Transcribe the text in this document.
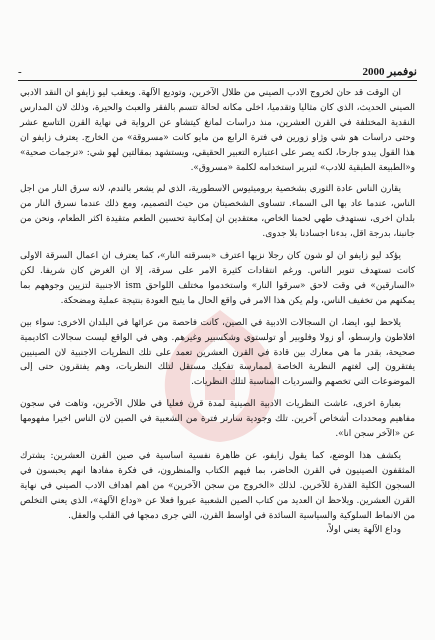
-	نوفمبر 2000

ان الوقت قد حان لخروج الادب الصيني من ظلال الآخرين، وتوديع الآلهة. ويعقب ليو زايفو ان النقد الادبي الصيني الحديث، الذي كان مثاليا وتقدميا، اخلى مكانه لحالة تتسم بالفقر والعبث والحيرة، وذلك لان المدارس النقدية المختلفة في القرن العشرين، منذ دراسات لمانغ كيتشاو عن الرواية في نهاية القرن التاسع عشر وحتى دراسات هو شي وژاو زورين في فترة الرابع من مايو كانت «مسروقة» من الخارج. يعترف زايفو ان هذا القول يبدو جارحا، لكنه يصر على اعتباره التعبير الحقيقي، ويستشهد بمقالتين لهو شي: «ترجمات صحية» و«الطبيعة الطبقية للادب» لتبرير استخدامه لكلمة «مسروق».

يقارن الناس عادة الثوري بشخصية بروميثيوس الاسطورية، الذي لم يشعر بالندم، لانه سرق النار من اجل الناس، عندما عاد بها الى السماء. تتساوى الشخصيتان من حيث التصميم، ومع ذلك عندما نسرق النار من بلدان اخرى، نستهدف طهي لحمنا الخاص، معتقدين ان إمكانية تحسين الطعم متقيدة اكثر الطعام، ونحن من جانبنا، بدرجة اقل، بدءنا اجسادنا بلا جدوى.

يؤكد ليو زايفو ان لو شون كان رجلا نزيها اعترف «بسرقته النار»، كما يعترف ان اعمال السرقة الاولى كانت تستهدف تنوير الناس. ورغم انتقادات كثيرة الامر على سرقة، إلا ان الغرض كان شريفا. لكن «السارقين» في وقت لاحق «سرقوا النار» واستخدموا مختلف اللواحق ism الاجنبية لتزيين وجوههم بما يمكنهم من تخفيف الناس، ولم يكن هذا الامر في واقع الحال ما يتيح العودة بنتيجة عملية ومضحكة.

يلاحظ ليو، ايضا، ان السجالات الادبية في الصين، كانت فاحصة من عرائها في البلدان الاخرى: سواء بين افلاطون وارسطو، أو زولا وفلوبير أو تولستوي وشكسبير وغيرهم. وهي في الواقع ليست سجالات اكاديمية صحيحة، بقدر ما هي معارك بين قادة في القرن العشرين تعمد على تلك النظريات الاجنبية لان الصينيين يفتقرون إلى لغتهم النظرية الخاصة لممارسة تفكيك مستقل لتلك النظريات، وهم يفتقرون حتى إلى الموضوعات التي تخصهم والسرديات المناسبة لتلك النظريات.

بعبارة اخرى، عاشت النظريات الادبية الصينية لمدة قرن فعليا في ظلال الآخرين، وتاهت في سجون مفاهيم ومحددات أشخاص آخرين. تلك وجودية سارتر فترة من الشعبية في الصين لان الناس اخيرا مفهومها عن «الآخر سجن انا».

يكشف هذا الوضع، كما يقول زايفو، عن ظاهرة نفسية اساسية في صين القرن العشرين: يشترك المثقفون الصينيون في القرن الحاضر، بما فيهم الكتاب والمنظرون، في فكرة مفادها انهم يحبسون في السجون الكلية القذرة للآخرين. لذلك «الخروج من سجن الآخرين» من اهم اهداف الادب الصيني في نهاية القرن العشرين. ويلاحظ ان العديد من كتاب الصين الشعبية عبروا فعلا عن «وداع الآلهة»، الذي يعني التخلص من الانماط السلوكية والسياسية السائدة في اواسط القرن، التي جرى دمجها في القلب والعقل.

وداع الآلهة يعني اولاً،
